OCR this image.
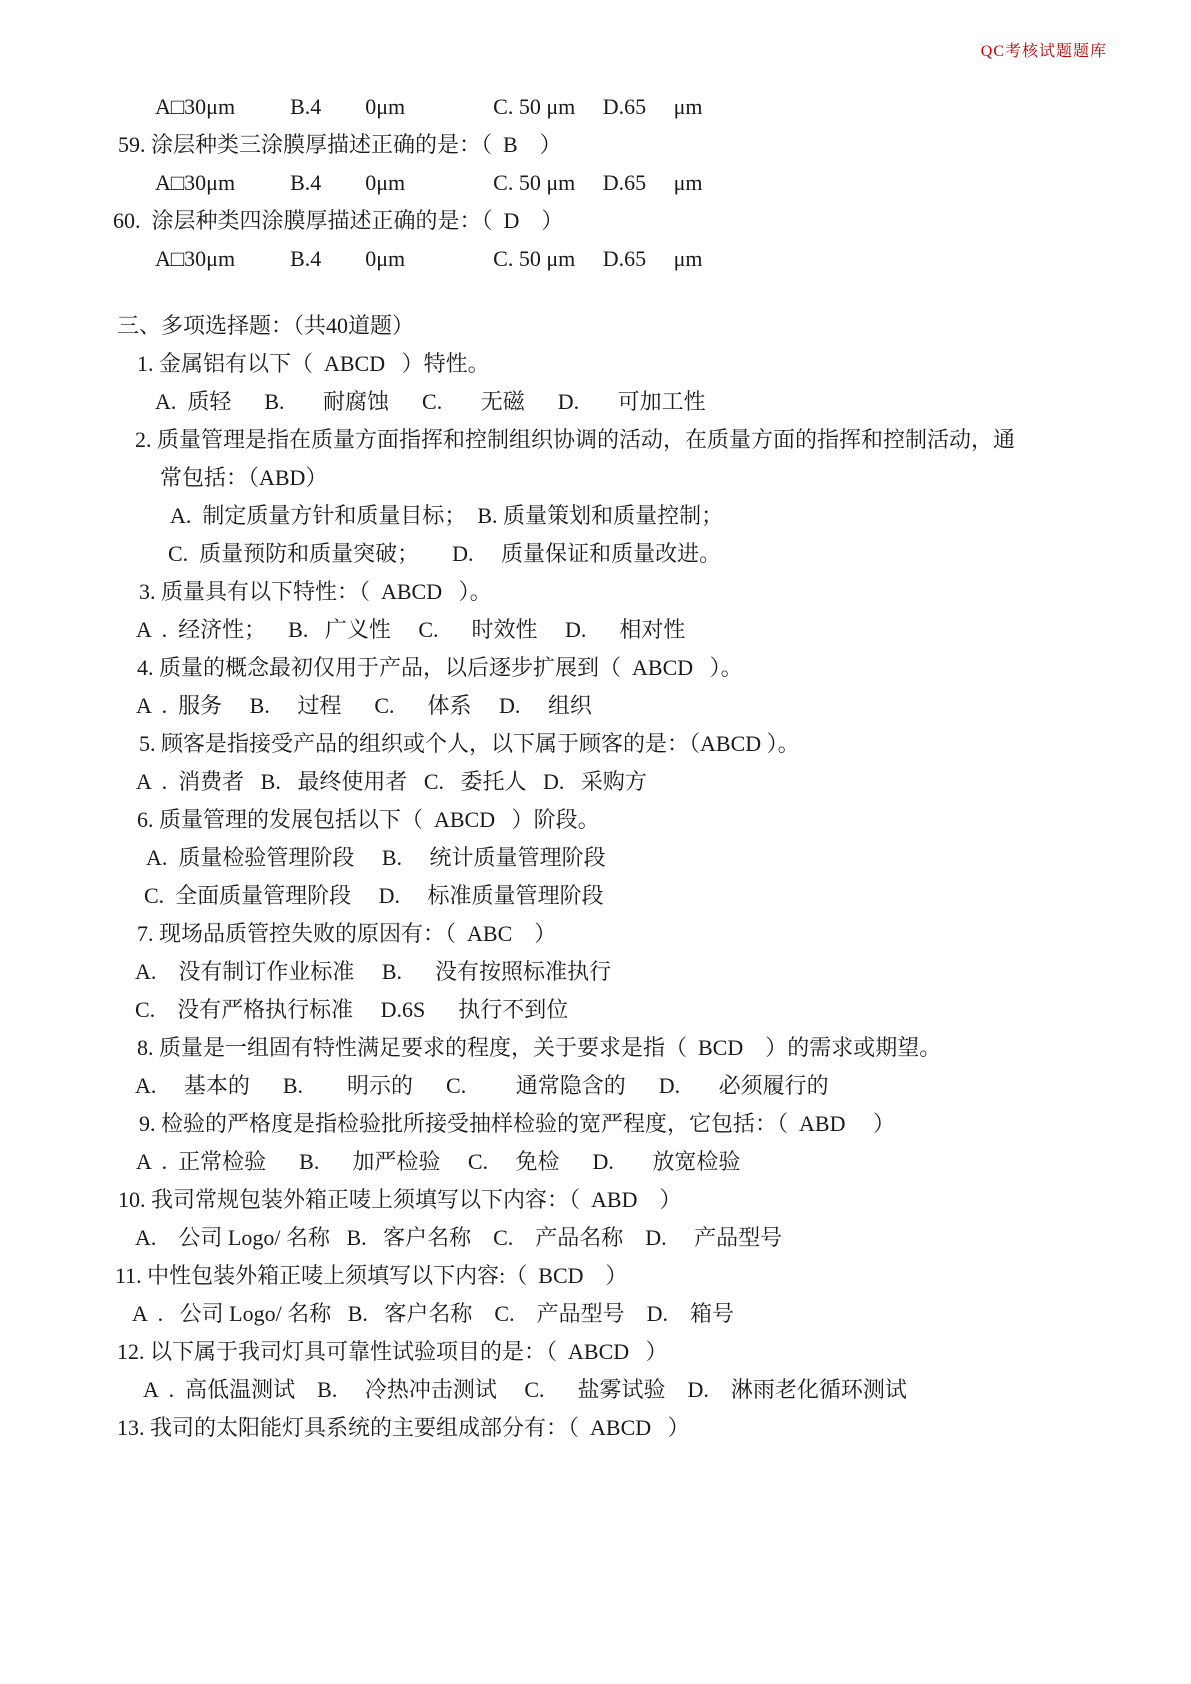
QC考核试题题库
A□30μm          B.4        0μm                C. 50 μm     D.65     μm
59. 涂层种类三涂膜厚描述正确的是：（  B    ）
A□30μm          B.4        0μm                C. 50 μm     D.65     μm
60.  涂层种类四涂膜厚描述正确的是：（  D    ）
A□30μm          B.4        0μm                C. 50 μm     D.65     μm
三、多项选择题：（共40道题）
1. 金属铝有以下（  ABCD   ）特性。
A.  质轻      B.       耐腐蚀      C.       无磁      D.       可加工性
2. 质量管理是指在质量方面指挥和控制组织协调的活动，在质量方面的指挥和控制活动，通
常包括：（ABD）
A.  制定质量方针和质量目标；  B. 质量策划和质量控制；
C.  质量预防和质量突破；      D.     质量保证和质量改进。
3. 质量具有以下特性：（  ABCD   ）。
A  .  经济性；    B.   广义性     C.      时效性     D.      相对性
4. 质量的概念最初仅用于产品，以后逐步扩展到（  ABCD   ）。
A  .  服务     B.     过程      C.      体系     D.     组织
5. 顾客是指接受产品的组织或个人，以下属于顾客的是：（ABCD ）。
A  .  消费者   B.   最终使用者   C.   委托人   D.   采购方
6. 质量管理的发展包括以下（  ABCD   ）阶段。
A.  质量检验管理阶段     B.     统计质量管理阶段
C.  全面质量管理阶段     D.     标准质量管理阶段
7. 现场品质管控失败的原因有：（  ABC    ）
A.    没有制订作业标准     B.      没有按照标准执行
C.    没有严格执行标准     D.6S      执行不到位
8. 质量是一组固有特性满足要求的程度，关于要求是指（  BCD    ）的需求或期望。
A.     基本的      B.        明示的      C.         通常隐含的      D.       必须履行的
9. 检验的严格度是指检验批所接受抽样检验的宽严程度，它包括：（  ABD     ）
A  .  正常检验      B.      加严检验     C.     免检      D.       放宽检验
10. 我司常规包装外箱正唛上须填写以下内容：（  ABD    ）
A.    公司 Logo/ 名称   B.   客户名称    C.    产品名称    D.     产品型号
11. 中性包装外箱正唛上须填写以下内容:（  BCD    ）
A  .   公司 Logo/ 名称   B.   客户名称    C.    产品型号    D.    箱号
12. 以下属于我司灯具可靠性试验项目的是：（  ABCD   ）
A  .  高低温测试    B.     冷热冲击测试     C.      盐雾试验    D.    淋雨老化循环测试
13. 我司的太阳能灯具系统的主要组成部分有：（  ABCD   ）
